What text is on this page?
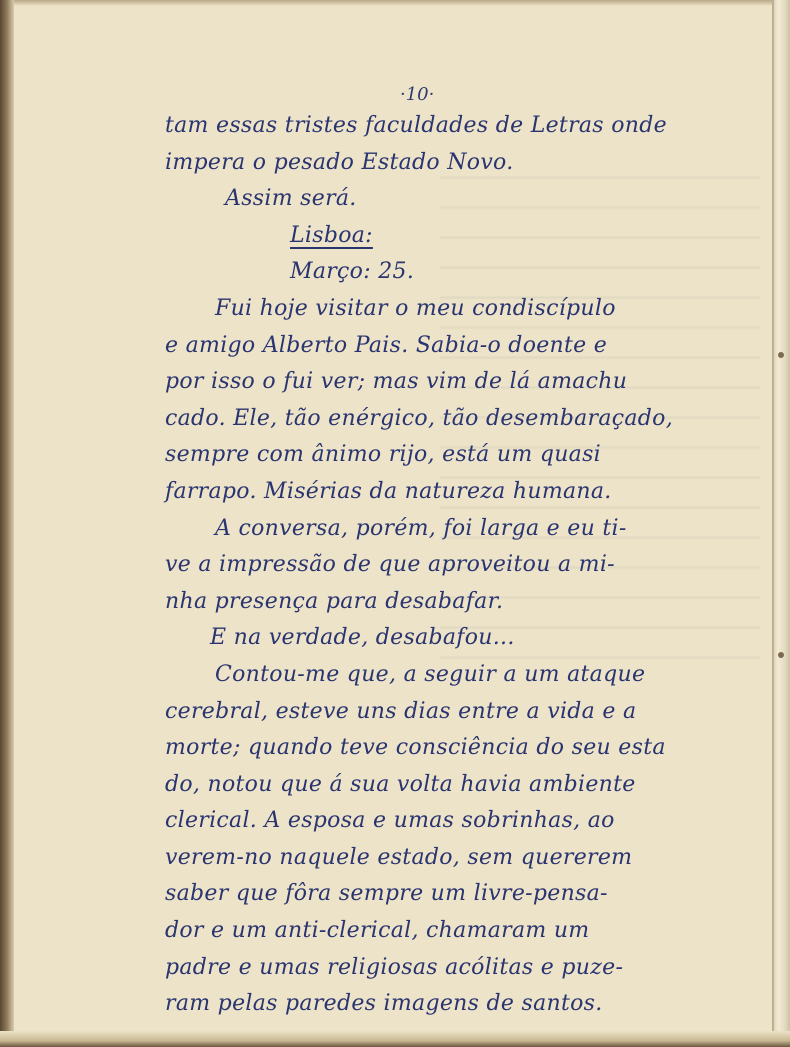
·10·
tam essas tristes faculdades de Letras onde
impera o pesado Estado Novo.
Assim será.
Lisboa:
Março: 25.
Fui hoje visitar o meu condiscípulo
e amigo Alberto Pais. Sabia-o doente e
por isso o fui ver; mas vim de lá amachu
cado. Ele, tão enérgico, tão desembaraçado,
sempre com ânimo rijo, está um quasi
farrapo. Misérias da natureza humana.
A conversa, porém, foi larga e eu ti-
ve a impressão de que aproveitou a mi-
nha presença para desabafar.
E na verdade, desabafou...
Contou-me que, a seguir a um ataque
cerebral, esteve uns dias entre a vida e a
morte; quando teve consciência do seu esta
do, notou que á sua volta havia ambiente
clerical. A esposa e umas sobrinhas, ao
verem-no naquele estado, sem quererem
saber que fôra sempre um livre-pensa-
dor e um anti-clerical, chamaram um
padre e umas religiosas acólitas e puze-
ram pelas paredes imagens de santos.
